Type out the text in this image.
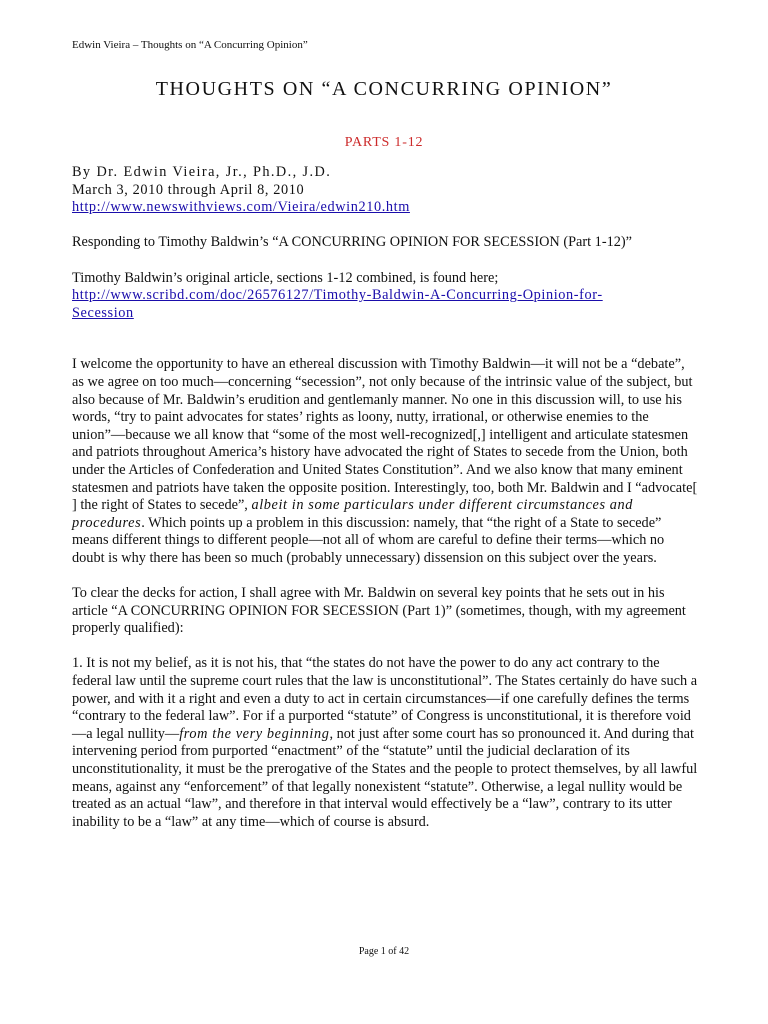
Edwin Vieira – Thoughts on “A Concurring Opinion”
THOUGHTS ON “A CONCURRING OPINION”
PARTS 1-12

By Dr. Edwin Vieira, Jr., Ph.D., J.D.

March 3, 2010 through April 8, 2010

http://www.newswithviews.com/Vieira/edwin210.htm

Responding to Timothy Baldwin’s “A CONCURRING OPINION FOR SECESSION (Part 1-12)”

Timothy Baldwin’s original article, sections 1-12 combined, is found here;

http://www.scribd.com/doc/26576127/Timothy-Baldwin-A-Concurring-Opinion-for-
Secession

I welcome the opportunity to have an ethereal discussion with Timothy Baldwin—it will not be a “debate”, as we agree on too much—concerning “secession”, not only because of the intrinsic value of the subject, but also because of Mr. Baldwin’s erudition and gentlemanly manner. No one in this discussion will, to use his words, “try to paint advocates for states’ rights as loony, nutty, irrational, or otherwise enemies to the union”—because we all know that “some of the most well-recognized[,] intelligent and articulate statesmen and patriots throughout America’s history have advocated the right of States to secede from the Union, both under the Articles of Confederation and United States Constitution”. And we also know that many eminent statesmen and patriots have taken the opposite position. Interestingly, too, both Mr. Baldwin and I “advocate[ ] the right of States to secede”, albeit in some particulars under different circumstances and procedures. Which points up a problem in this discussion: namely, that “the right of a State to secede” means different things to different people—not all of whom are careful to define their terms—which no doubt is why there has been so much (probably unnecessary) dissension on this subject over the years.

To clear the decks for action, I shall agree with Mr. Baldwin on several key points that he sets out in his article “A CONCURRING OPINION FOR SECESSION (Part 1)” (sometimes, though, with my agreement properly qualified):

1. It is not my belief, as it is not his, that “the states do not have the power to do any act contrary to the federal law until the supreme court rules that the law is unconstitutional”. The States certainly do have such a power, and with it a right and even a duty to act in certain circumstances—if one carefully defines the terms “contrary to the federal law”. For if a purported “statute” of Congress is unconstitutional, it is therefore void—a legal nullity—from the very beginning, not just after some court has so pronounced it. And during that intervening period from purported “enactment” of the “statute” until the judicial declaration of its unconstitutionality, it must be the prerogative of the States and the people to protect themselves, by all lawful means, against any “enforcement” of that legally nonexistent “statute”. Otherwise, a legal nullity would be treated as an actual “law”, and therefore in that interval would effectively be a “law”, contrary to its utter inability to be a “law” at any time—which of course is absurd.

Page 1 of 42
